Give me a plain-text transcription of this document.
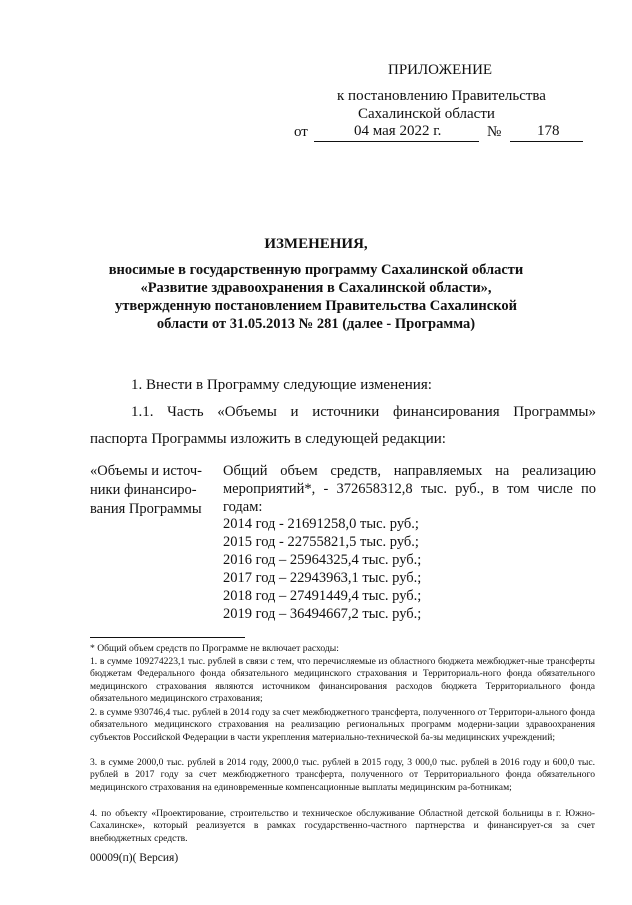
ПРИЛОЖЕНИЕ
к постановлению Правительства
Сахалинской области
от	04 мая 2022 г.	№ 178
ИЗМЕНЕНИЯ,
вносимые в государственную программу Сахалинской области
«Развитие здравоохранения в Сахалинской области»,
утвержденную постановлением Правительства Сахалинской
области от 31.05.2013 № 281 (далее - Программа)
1. Внести в Программу следующие изменения:
1.1. Часть «Объемы и источники финансирования Программы»
паспорта Программы изложить в следующей редакции:
«Объемы и источ-
ники финансиро-
вания Программы
Общий объем средств, направляемых на реализацию
мероприятий*, - 372658312,8 тыс. руб., в том числе по
годам:
2014 год - 21691258,0 тыс. руб.;
2015 год - 22755821,5 тыс. руб.;
2016 год – 25964325,4 тыс. руб.;
2017 год – 22943963,1 тыс. руб.;
2018 год – 27491449,4 тыс. руб.;
2019 год – 36494667,2 тыс. руб.;
* Общий объем средств по Программе не включает расходы:
1. в сумме 109274223,1 тыс. рублей в связи с тем, что перечисляемые из областного бюджета межбюджет-ные трансферты бюджетам Федерального фонда обязательного медицинского страхования и Территориаль-ного фонда обязательного медицинского страхования являются источником финансирования расходов бюджета Территориального фонда обязательного медицинского страхования;
2. в сумме 930746,4 тыс. рублей в 2014 году за счет межбюджетного трансферта, полученного от Территори-ального фонда обязательного медицинского страхования на реализацию региональных программ модерни-зации здравоохранения субъектов Российской Федерации в части укрепления материально-технической ба-зы медицинских учреждений;
3. в сумме 2000,0 тыс. рублей в 2014 году, 2000,0 тыс. рублей в 2015 году, 3 000,0 тыс. рублей в 2016 году и 600,0 тыс. рублей в 2017 году за счет межбюджетного трансферта, полученного от Территориального фонда обязательного медицинского страхования на единовременные компенсационные выплаты медицинским ра-ботникам;
4. по объекту «Проектирование, строительство и техническое обслуживание Областной детской больницы в г. Южно-Сахалинске», который реализуется в рамках государственно-частного партнерства и финансирует-ся за счет внебюджетных средств.
00009(п)( Версия)
